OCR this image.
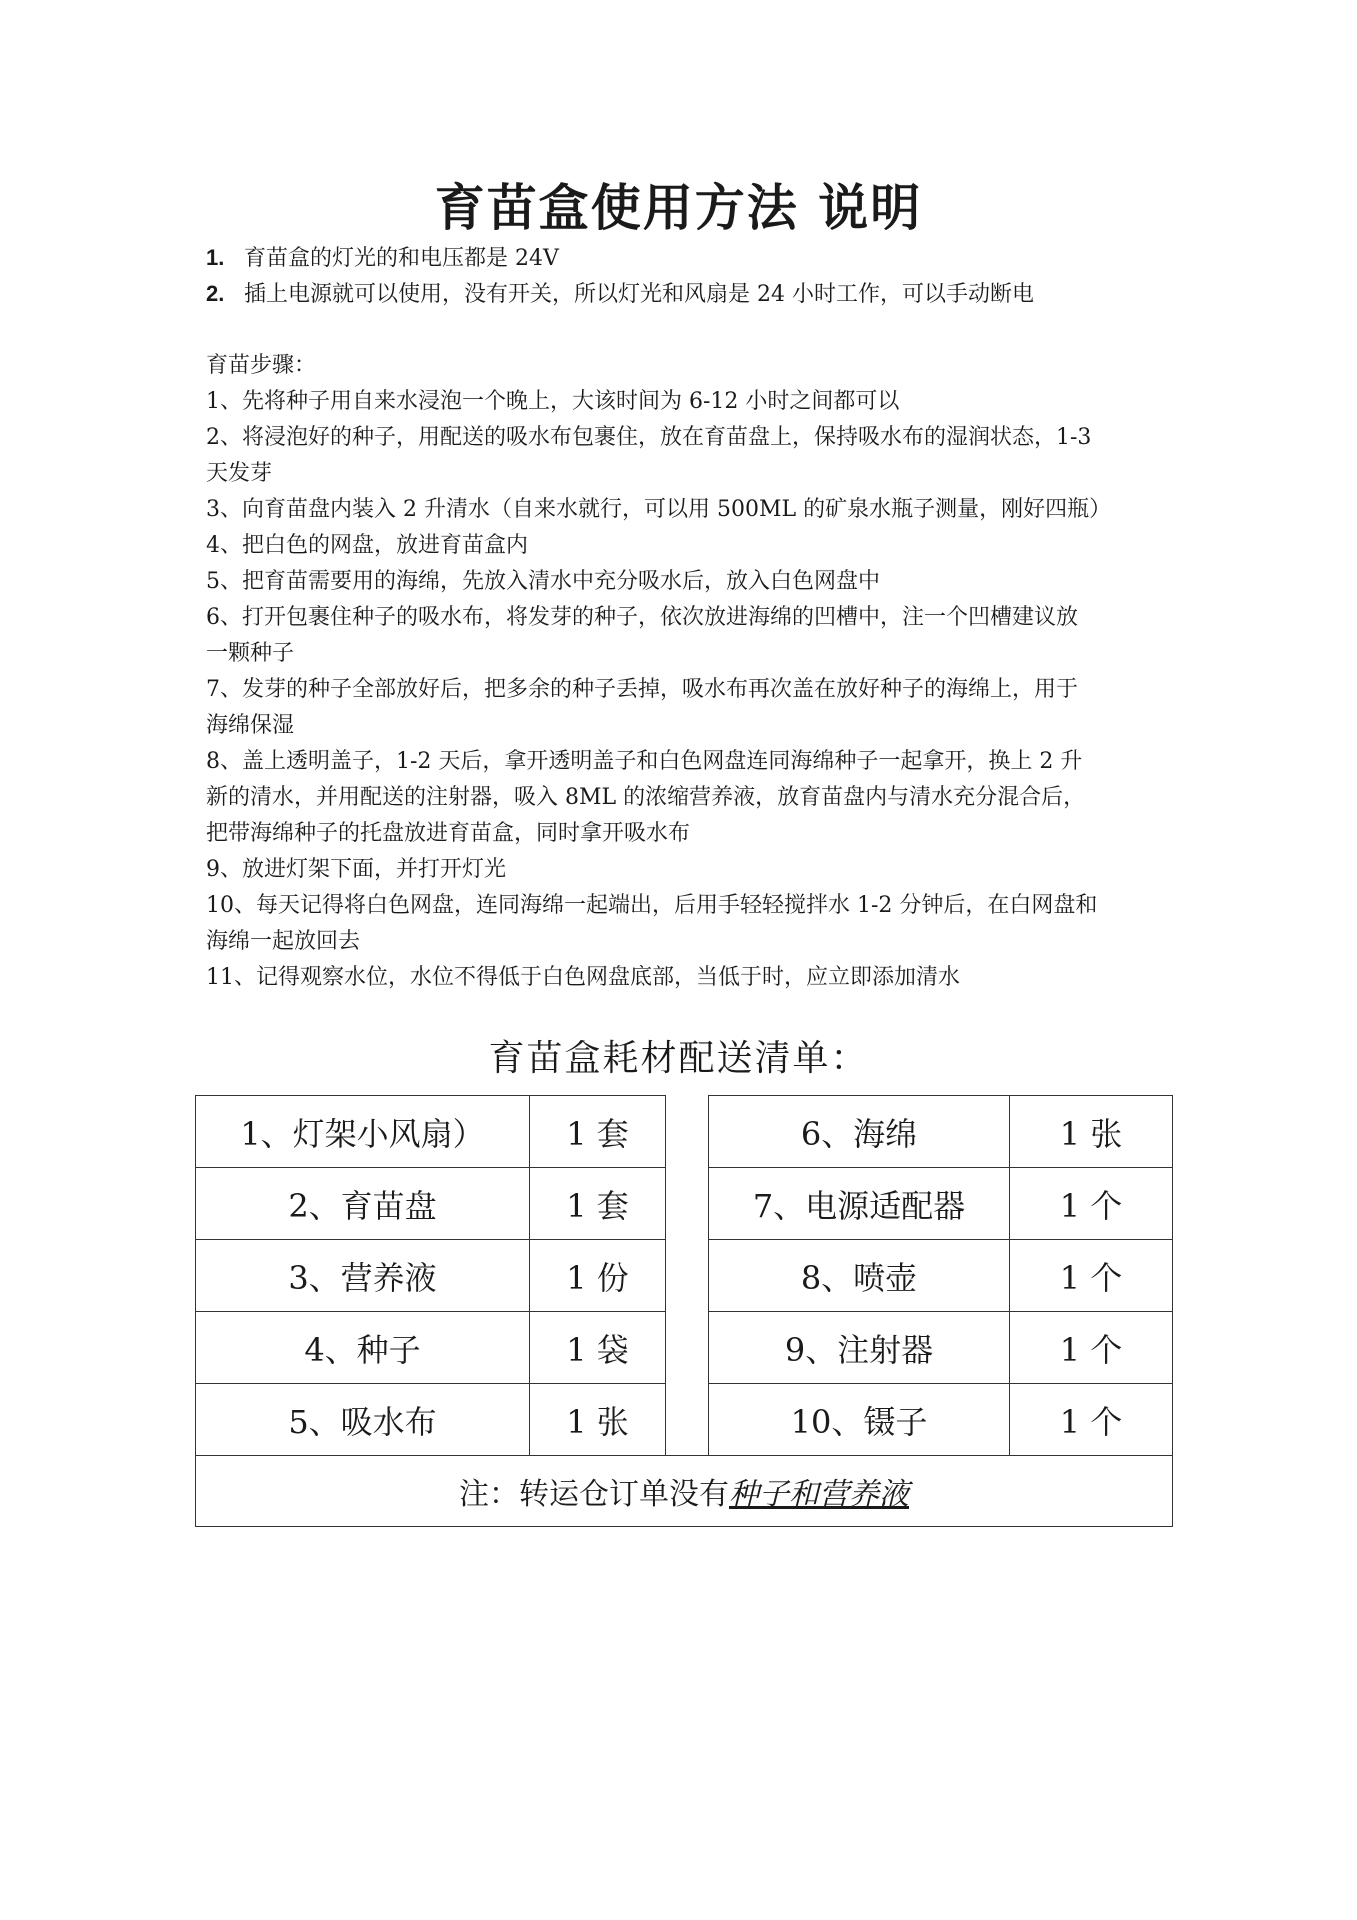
育苗盒使用方法 说明
1. 育苗盒的灯光的和电压都是 24V
2. 插上电源就可以使用，没有开关，所以灯光和风扇是 24 小时工作，可以手动断电
育苗步骤：

1、先将种子用自来水浸泡一个晚上，大该时间为 6-12 小时之间都可以

2、将浸泡好的种子，用配送的吸水布包裹住，放在育苗盘上，保持吸水布的湿润状态，1-3

天发芽

3、向育苗盘内装入 2 升清水（自来水就行，可以用 500ML 的矿泉水瓶子测量，刚好四瓶）

4、把白色的网盘，放进育苗盒内

5、把育苗需要用的海绵，先放入清水中充分吸水后，放入白色网盘中

6、打开包裹住种子的吸水布，将发芽的种子，依次放进海绵的凹槽中，注一个凹槽建议放

一颗种子

7、发芽的种子全部放好后，把多余的种子丢掉，吸水布再次盖在放好种子的海绵上，用于

海绵保湿

8、盖上透明盖子，1-2 天后，拿开透明盖子和白色网盘连同海绵种子一起拿开，换上 2 升

新的清水，并用配送的注射器，吸入 8ML 的浓缩营养液，放育苗盘内与清水充分混合后，

把带海绵种子的托盘放进育苗盒，同时拿开吸水布

9、放进灯架下面，并打开灯光

10、每天记得将白色网盘，连同海绵一起端出，后用手轻轻搅拌水 1-2 分钟后，在白网盘和

海绵一起放回去

11、记得观察水位，水位不得低于白色网盘底部，当低于时，应立即添加清水

育苗盒耗材配送清单：
1、灯架小风扇）	1 套		6、海绵	1 张
2、育苗盘	1 套		7、电源适配器	1 个
3、营养液	1 份		8、喷壶	1 个
4、种子	1 袋		9、注射器	1 个
5、吸水布	1 张		10、镊子	1 个
注：转运仓订单没有种子和营养液				
